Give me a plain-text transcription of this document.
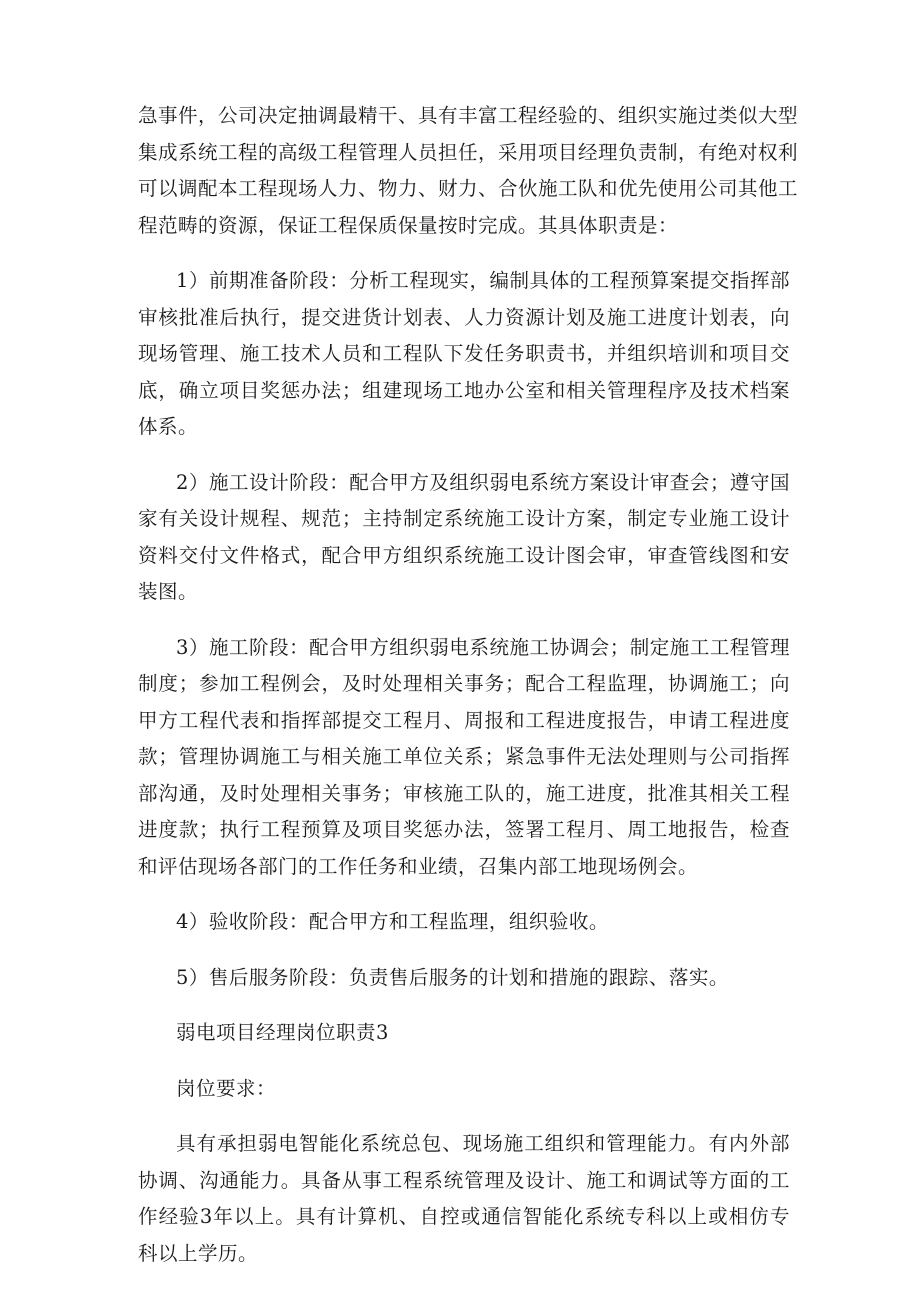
急事件，公司决定抽调最精干、具有丰富工程经验的、组织实施过类似大型
集成系统工程的高级工程管理人员担任，采用项目经理负责制，有绝对权利
可以调配本工程现场人力、物力、财力、合伙施工队和优先使用公司其他工
程范畴的资源，保证工程保质保量按时完成。其具体职责是：

1）前期准备阶段：分析工程现实，编制具体的工程预算案提交指挥部审核批准后执行，提交进货计划表、人力资源计划及施工进度计划表，向现场管理、施工技术人员和工程队下发任务职责书，并组织培训和项目交底，确立项目奖惩办法；组建现场工地办公室和相关管理程序及技术档案体系。

2）施工设计阶段：配合甲方及组织弱电系统方案设计审查会；遵守国家有关设计规程、规范；主持制定系统施工设计方案，制定专业施工设计资料交付文件格式，配合甲方组织系统施工设计图会审，审查管线图和安装图。

3）施工阶段：配合甲方组织弱电系统施工协调会；制定施工工程管理制度；参加工程例会，及时处理相关事务；配合工程监理，协调施工；向甲方工程代表和指挥部提交工程月、周报和工程进度报告，申请工程进度款；管理协调施工与相关施工单位关系；紧急事件无法处理则与公司指挥部沟通，及时处理相关事务；审核施工队的，施工进度，批准其相关工程进度款；执行工程预算及项目奖惩办法，签署工程月、周工地报告，检查和评估现场各部门的工作任务和业绩，召集内部工地现场例会。

4）验收阶段：配合甲方和工程监理，组织验收。

5）售后服务阶段：负责售后服务的计划和措施的跟踪、落实。

弱电项目经理岗位职责3

岗位要求：

具有承担弱电智能化系统总包、现场施工组织和管理能力。有内外部协调、沟通能力。具备从事工程系统管理及设计、施工和调试等方面的工作经验3年以上。具有计算机、自控或通信智能化系统专科以上或相仿专科以上学历。
